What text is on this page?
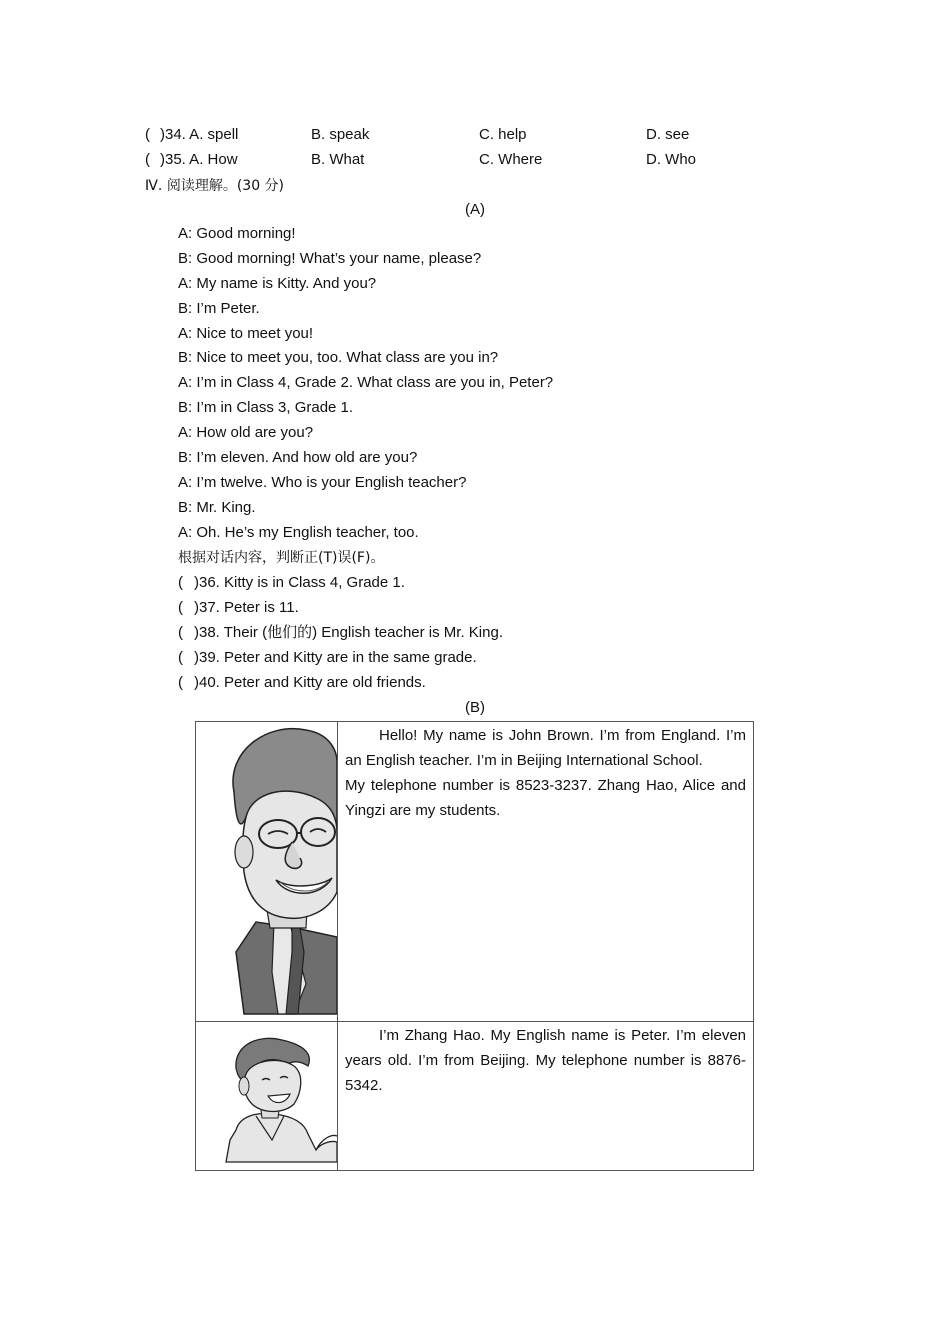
( )34. A. spell	B. speak	C. help	D. see
( )35. A. How	B. What	C. Where	D. Who
Ⅳ. 阅读理解。(30 分)
(A)
A: Good morning!
B: Good morning! What’s your name, please?
A: My name is Kitty. And you?
B: I’m Peter.
A: Nice to meet you!
B: Nice to meet you, too. What class are you in?
A: I’m in Class 4, Grade 2. What class are you in, Peter?
B: I’m in Class 3, Grade 1.
A: How old are you?
B: I’m eleven. And how old are you?
A: I’m twelve. Who is your English teacher?
B: Mr. King.
A: Oh. He’s my English teacher, too.
根据对话内容，判断正(T)误(F)。
( )36. Kitty is in Class 4, Grade 1.
( )37. Peter is 11.
( )38. Their (他们的) English teacher is Mr. King.
( )39. Peter and Kitty are in the same grade.
( )40. Peter and Kitty are old friends.
(B)

Hello! My name is John Brown. I’m from England. I’m an English teacher. I’m in Beijing International School.

My telephone number is 8523-3237. Zhang Hao, Alice and Yingzi are my students.

I’m Zhang Hao. My English name is Peter. I’m eleven years old. I’m from Beijing. My telephone number is 8876-5342.
